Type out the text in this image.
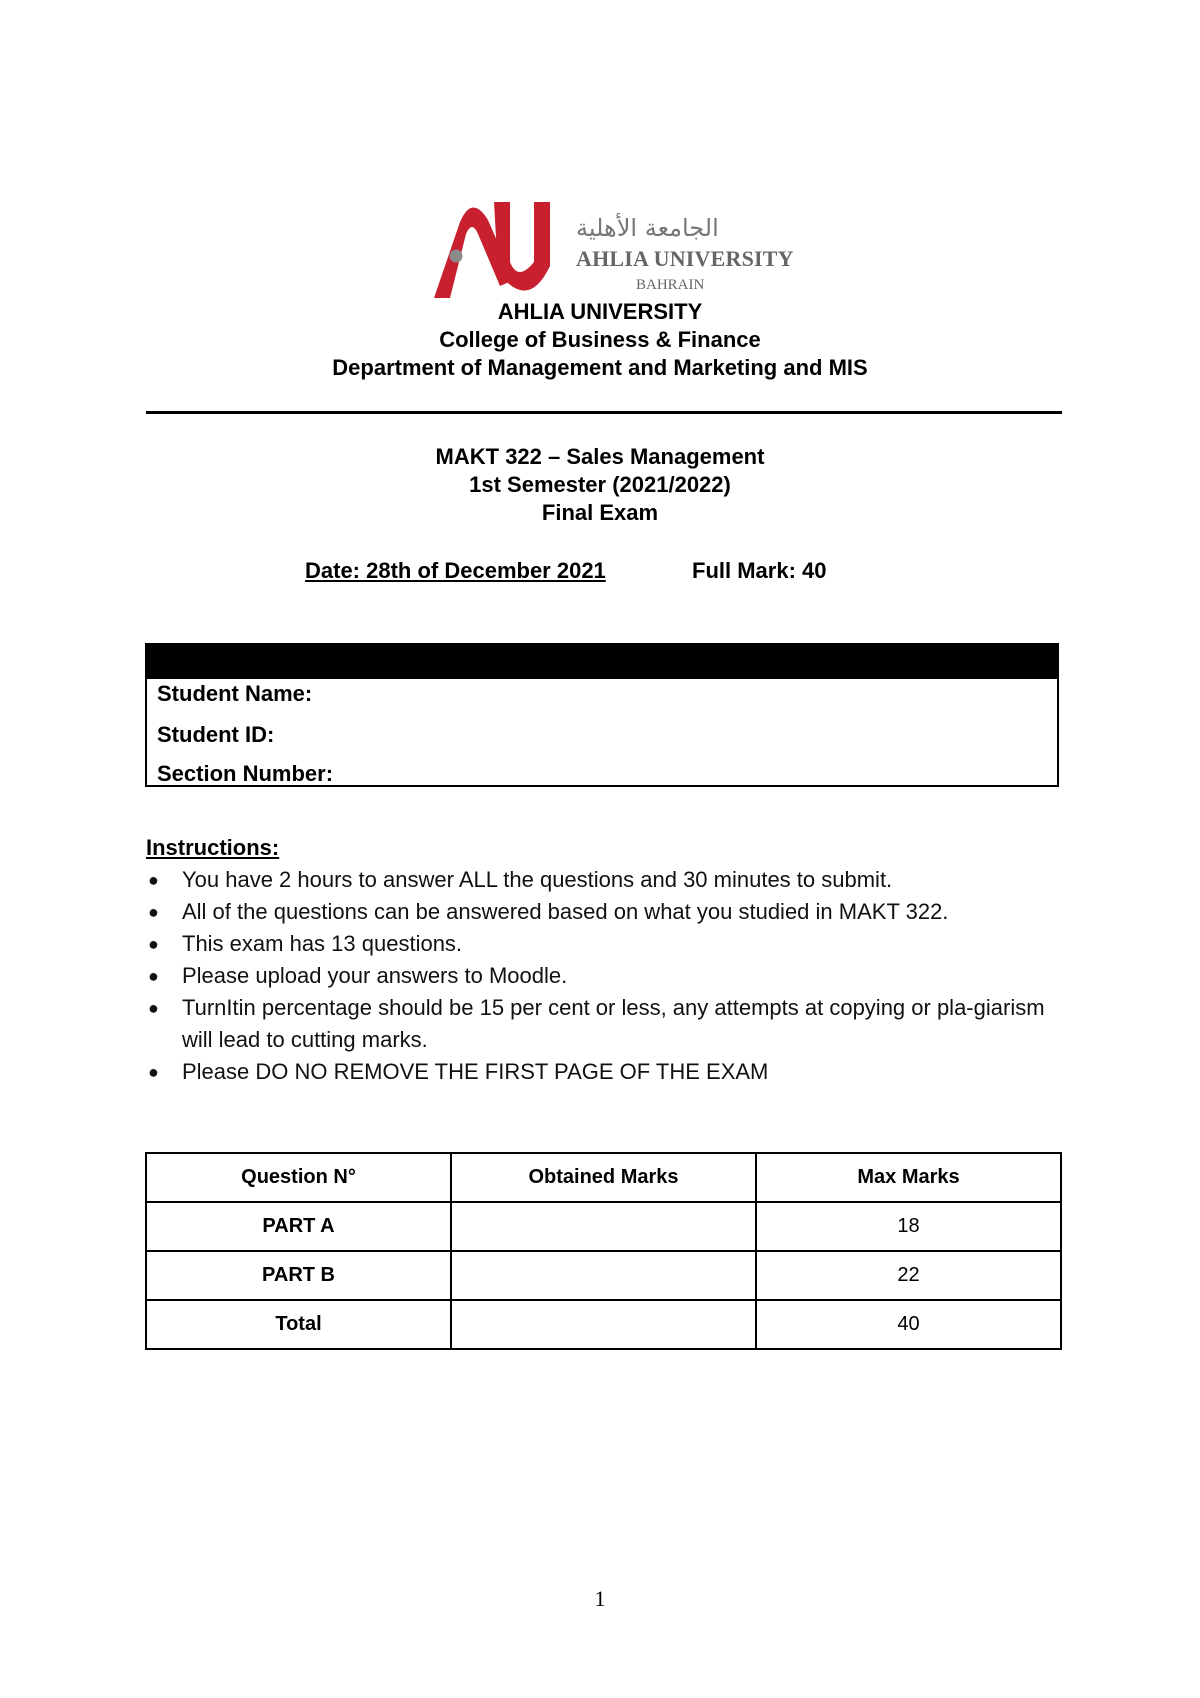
الجامعة الأهلية
AHLIA UNIVERSITY
BAHRAIN
AHLIA UNIVERSITY
College of Business & Finance
Department of Management and Marketing and MIS
MAKT 322 – Sales Management
1st Semester (2021/2022)
Final Exam
Date: 28th of December 2021	Full Mark: 40
Student Name:
Student ID:
Section Number:
Instructions:
● You have 2 hours to answer ALL the questions and 30 minutes to submit.
● All of the questions can be answered based on what you studied in MAKT 322.
● This exam has 13 questions.
● Please upload your answers to Moodle.
● TurnItin percentage should be 15 per cent or less, any attempts at copying or pla-giarism will lead to cutting marks.
● Please DO NO REMOVE THE FIRST PAGE OF THE EXAM
Question N°	Obtained Marks	Max Marks
PART A		18
PART B		22
Total		40
1
